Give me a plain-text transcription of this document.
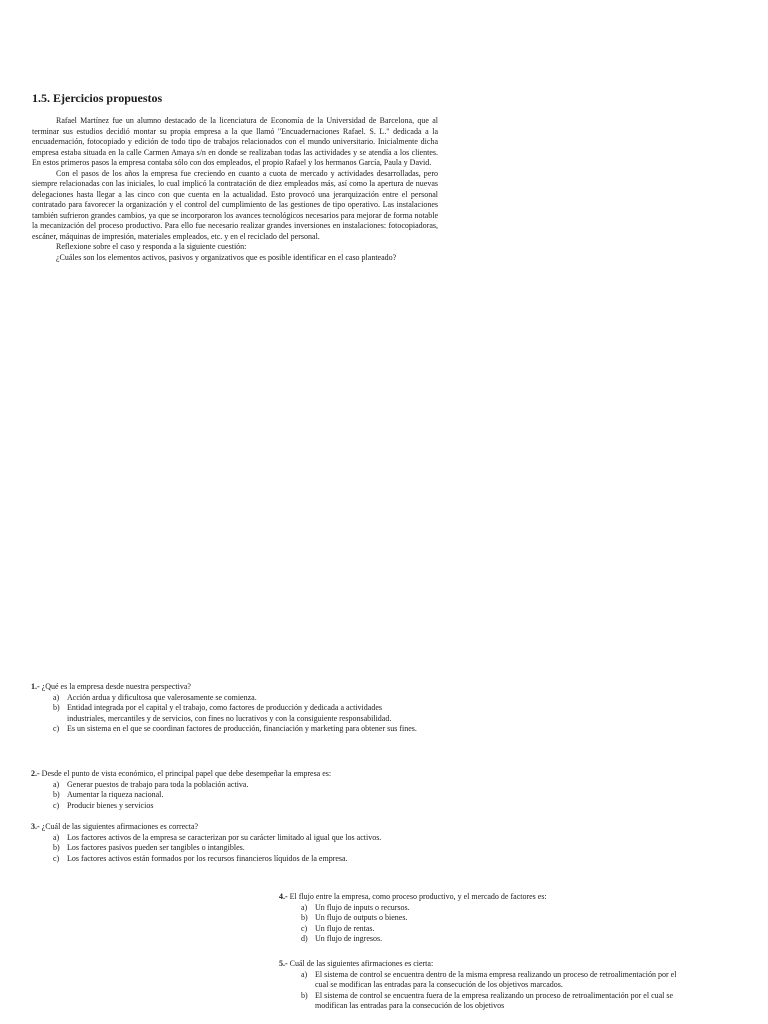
1.5. Ejercicios propuestos

Rafael Martínez fue un alumno destacado de la licenciatura de Economía de la Universidad de Barcelona, que al terminar sus estudios decidió montar su propia empresa a la que llamó "Encuadernaciones Rafael. S. L." dedicada a la encuadernación, fotocopiado y edición de todo tipo de trabajos relacionados con el mundo universitario. Inicialmente dicha empresa estaba situada en la calle Carmen Amaya s/n en donde se realizaban todas las actividades y se atendía a los clientes. En estos primeros pasos la empresa contaba sólo con dos empleados, el propio Rafael y los hermanos García, Paula y David.

Con el pasos de los años la empresa fue creciendo en cuanto a cuota de mercado y actividades desarrolladas, pero siempre relacionadas con las iniciales, lo cual implicó la contratación de diez empleados más, así como la apertura de nuevas delegaciones hasta llegar a las cinco con que cuenta en la actualidad. Esto provocó una jerarquización entre el personal contratado para favorecer la organización y el control del cumplimiento de las gestiones de tipo operativo. Las instalaciones también sufrieron grandes cambios, ya que se incorporaron los avances tecnológicos necesarios para mejorar de forma notable la mecanización del proceso productivo. Para ello fue necesario realizar grandes inversiones en instalaciones: fotocopiadoras, escáner, máquinas de impresión, materiales empleados, etc. y en el reciclado del personal.

Reflexione sobre el caso y responda a la siguiente cuestión:

¿Cuáles son los elementos activos, pasivos y organizativos que es posible identificar en el caso planteado?

1.- ¿Qué es la empresa desde nuestra perspectiva?
a) Acción ardua y dificultosa que valerosamente se comienza.
b) Entidad integrada por el capital y el trabajo, como factores de producción y dedicada a actividades industriales, mercantiles y de servicios, con fines no lucrativos y con la consiguiente responsabilidad.
c) Es un sistema en el que se coordinan factores de producción, financiación y marketing para obtener sus fines.
2.- Desde el punto de vista económico, el principal papel que debe desempeñar la empresa es:
a) Generar puestos de trabajo para toda la población activa.
b) Aumentar la riqueza nacional.
c) Producir bienes y servicios
3.- ¿Cuál de las siguientes afirmaciones es correcta?
a) Los factores activos de la empresa se caracterizan por su carácter limitado al igual que los activos.
b) Los factores pasivos pueden ser tangibles o intangibles.
c) Los factores activos están formados por los recursos financieros líquidos de la empresa.
4.- El flujo entre la empresa, como proceso productivo, y el mercado de factores es:
a) Un flujo de inputs o recursos.
b) Un flujo de outputs o bienes.
c) Un flujo de rentas.
d) Un flujo de ingresos.
5.- Cuál de las siguientes afirmaciones es cierta:
a) El sistema de control se encuentra dentro de la misma empresa realizando un proceso de retroalimentación por el cual se modifican las entradas para la consecución de los objetivos marcados.
b) El sistema de control se encuentra fuera de la empresa realizando un proceso de retroalimentación por el cual se modifican las entradas para la consecución de los objetivos
